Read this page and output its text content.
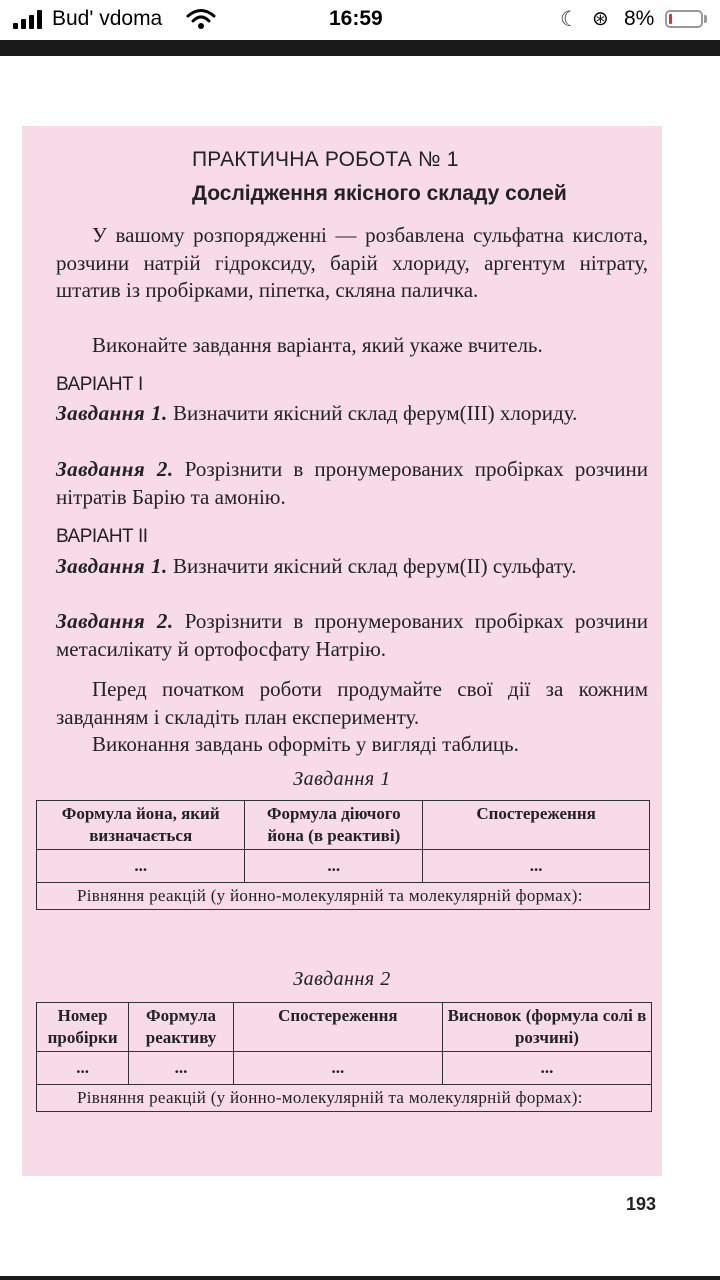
Bud' vdoma	16:59	☾ ⊛ 8%
ПРАКТИЧНА РОБОТА № 1
Дослідження якісного складу солей
У вашому розпорядженні — розбавлена сульфатна кислота, розчини натрій гідроксиду, барій хлориду, аргентум нітрату, штатив із пробірками, піпетка, скляна паличка.
Виконайте завдання варіанта, який укаже вчитель.
ВАРІАНТ І
Завдання 1. Визначити якісний склад ферум(ІІІ) хлориду.
Завдання 2. Розрізнити в пронумерованих пробірках розчини нітратів Барію та амонію.
ВАРІАНТ ІІ
Завдання 1. Визначити якісний склад ферум(ІІ) сульфату.
Завдання 2. Розрізнити в пронумерованих пробірках розчини метасилікату й ортофосфату Натрію.
Перед початком роботи продумайте свої дії за кожним завданням і складіть план експерименту.
Виконання завдань оформіть у вигляді таблиць.
Завдання 1
Формула йона, який визначається	Формула діючого йона (в реактиві)	Спостереження
...	...	...
Рівняння реакцій (у йонно-молекулярній та молекулярній формах):		
Завдання 2
Номер пробірки	Формула реактиву	Спостереження	Висновок (формула солі в розчині)
...	...	...	...
Рівняння реакцій (у йонно-молекулярній та молекулярній формах):			
193
